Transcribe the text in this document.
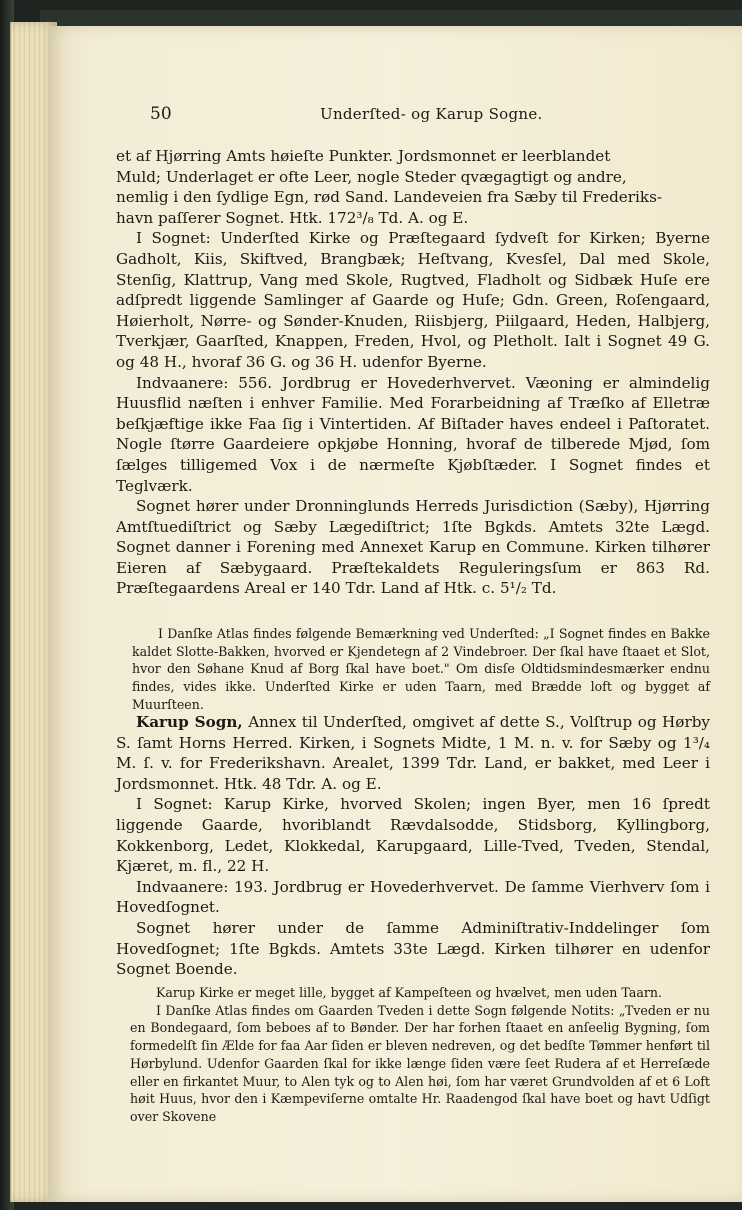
50	Underſted- og Karup Sogne.

et af Hjørring Amts høieſte Punkter. Jordsmonnet er leerblandet

Muld; Underlaget er ofte Leer, nogle Steder qvægagtigt og andre,

nemlig i den ſydlige Egn, rød Sand. Landeveien fra Sæby til Frederiks-

havn paſſerer Sognet. Htk. 172³/₈ Td. A. og E.

I Sognet: Underſted Kirke og Præſtegaard ſydveſt for Kirken; Byerne Gadholt, Kiis, Skiftved, Brangbæk; Heſtvang, Kvesſel, Dal med Skole, Stenſig, Klattrup, Vang med Skole, Rugtved, Fladholt og Sidbæk Huſe ere adſpredt liggende Samlinger af Gaarde og Huſe; Gdn. Green, Roſengaard, Høierholt, Nørre- og Sønder-Knuden, Riisbjerg, Piilgaard, Heden, Halbjerg, Tverkjær, Gaarſted, Knappen, Freden, Hvol, og Pletholt. Ialt i Sognet 49 G. og 48 H., hvoraf 36 G. og 36 H. udenfor Byerne.

Indvaanere: 556. Jordbrug er Hovederhvervet. Væoning er almindelig Huusflid næſten i enhver Familie. Med Forarbeidning af Træſko af Elletræ beſkjæftige ikke Faa ſig i Vintertiden. Af Biſtader haves endeel i Paſtoratet. Nogle ſtørre Gaardeiere opkjøbe Honning, hvoraf de tilberede Mjød, ſom ſælges tilligemed Vox i de nærmeſte Kjøbſtæder. I Sognet findes et Teglværk.

Sognet hører under Dronninglunds Herreds Jurisdiction (Sæby), Hjørring Amtſtuediſtrict og Sæby Lægediſtrict; 1ſte Bgkds. Amtets 32te Lægd. Sognet danner i Forening med Annexet Karup en Commune. Kirken tilhører Eieren af Sæbygaard. Præſtekaldets Reguleringsſum er 863 Rd. Præſtegaardens Areal er 140 Tdr. Land af Htk. c. 5¹/₂ Td.

I Danſke Atlas findes følgende Bemærkning ved Underſted: „I Sognet findes en Bakke kaldet Slotte-Bakken, hvorved er Kjendetegn af 2 Vindebroer. Der ſkal have ſtaaet et Slot, hvor den Søhane Knud af Borg ſkal have boet." Om disſe Oldtidsmindesmærker endnu findes, vides ikke. Underſted Kirke er uden Taarn, med Brædde loft og bygget af Muurſteen.

Karup Sogn, Annex til Underſted, omgivet af dette S., Volſtrup og Hørby S. ſamt Horns Herred. Kirken, i Sognets Midte, 1 M. n. v. for Sæby og 1³/₄ M. ſ. v. for Frederikshavn. Arealet, 1399 Tdr. Land, er bakket, med Leer i Jordsmonnet. Htk. 48 Tdr. A. og E.

I Sognet: Karup Kirke, hvorved Skolen; ingen Byer, men 16 ſpredt liggende Gaarde, hvoriblandt Rævdalsodde, Stidsborg, Kyllingborg, Kokkenborg, Ledet, Klokkedal, Karupgaard, Lille-Tved, Tveden, Stendal, Kjæret, m. fl., 22 H.

Indvaanere: 193. Jordbrug er Hovederhvervet. De ſamme Vierhverv ſom i Hovedſognet.

Sognet hører under de ſamme Adminiſtrativ-Inddelinger ſom Hovedſognet; 1ſte Bgkds. Amtets 33te Lægd. Kirken tilhører en udenfor Sognet Boende.

Karup Kirke er meget lille, bygget af Kampeſteen og hvælvet, men uden Taarn.

I Danſke Atlas findes om Gaarden Tveden i dette Sogn følgende Notits: „Tveden er nu en Bondegaard, ſom beboes af to Bønder. Der har forhen ſtaaet en anſeelig Bygning, ſom formedelſt ſin Ælde for faa Aar ſiden er bleven nedreven, og det bedſte Tømmer henført til Hørbylund. Udenfor Gaarden ſkal for ikke længe ſiden være ſeet Rudera af et Herreſæde eller en firkantet Muur, to Alen tyk og to Alen høi, ſom har været Grundvolden af et 6 Loft høit Huus, hvor den i Kæmpeviſerne omtalte Hr. Raadengod ſkal have boet og havt Udſigt over Skovene
